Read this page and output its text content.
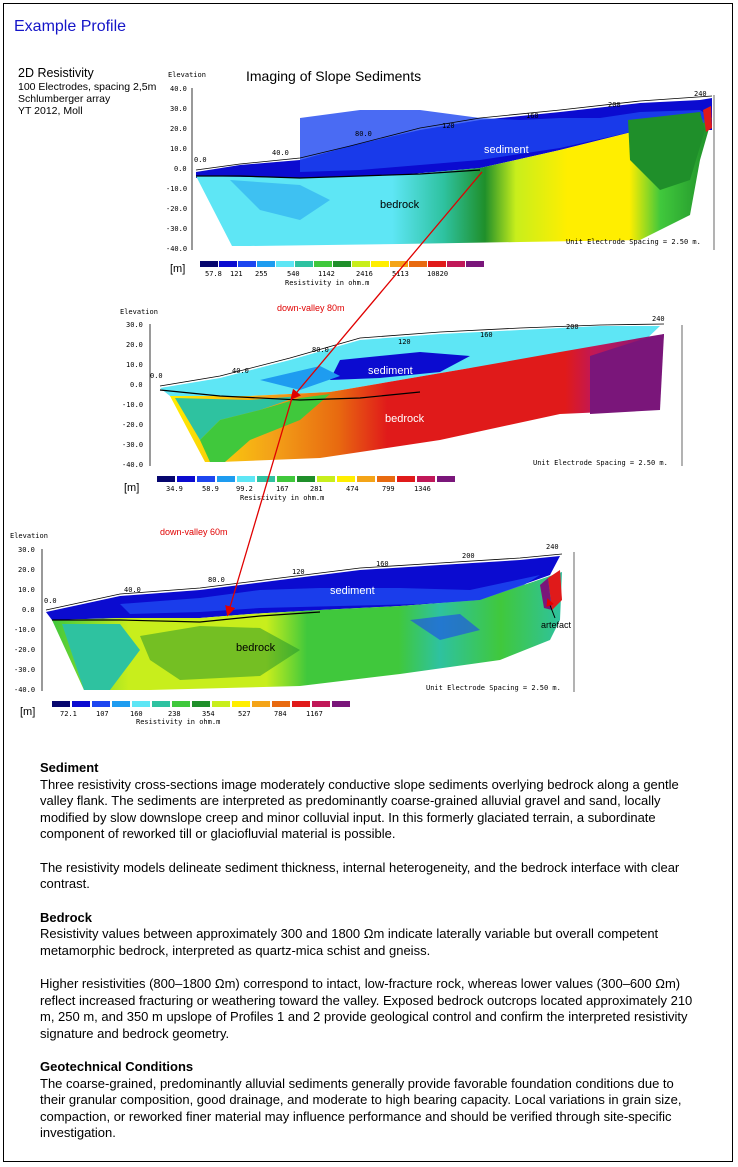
Example Profile
2D Resistivity
100 Electrodes, spacing 2,5m
Schlumberger array
YT 2012, Moll
Imaging of Slope Sediments
Elevation
40.0
30.0
20.0
10.0
0.0
-10.0
-20.0
-30.0
-40.0
0.0
40.0
80.0
120
160
200
240
sediment
bedrock
Unit Electrode Spacing = 2.50 m.
[m]	57.8 121 255	540	1142	2416	5113	10820
Resistivity in ohm.m
Elevation
30.0
20.0
10.0
0.0
-10.0
-20.0
-30.0
-40.0
0.0
40.0
80.0
120
160
200
240
sediment
bedrock
Unit Electrode Spacing = 2.50 m.
[m]	34.9	58.9 99.2	167	281	474	799	1346
Resistivity in ohm.m
Elevation
30.0
20.0
10.0
0.0
-10.0
-20.0
-30.0
-40.0
0.0
40.0
80.0
120
160
200
240
sediment
bedrock
artefact
Unit Electrode Spacing = 2.50 m.
[m]	72.1	107	160	238	354	527	784	1167
Resistivity in ohm.m
down-valley 80m
down-valley 60m
Sediment

Three resistivity cross-sections image moderately conductive slope sediments overlying bedrock along a gentle valley flank. The sediments are interpreted as predominantly coarse-grained alluvial gravel and sand, locally modified by slow downslope creep and minor colluvial input. In this formerly glaciated terrain, a subordinate component of reworked till or glaciofluvial material is possible.

The resistivity models delineate sediment thickness, internal heterogeneity, and the bedrock interface with clear contrast.

Bedrock

Resistivity values between approximately 300 and 1800 Ωm indicate laterally variable but overall competent metamorphic bedrock, interpreted as quartz-mica schist and gneiss.

Higher resistivities (800–1800 Ωm) correspond to intact, low-fracture rock, whereas lower values (300–600 Ωm) reflect increased fracturing or weathering toward the valley. Exposed bedrock outcrops located approximately 210 m, 250 m, and 350 m upslope of Profiles 1 and 2 provide geological control and confirm the interpreted resistivity signature and bedrock geometry.

Geotechnical Conditions

The coarse-grained, predominantly alluvial sediments generally provide favorable foundation conditions due to their granular composition, good drainage, and moderate to high bearing capacity. Local variations in grain size, compaction, or reworked finer material may influence performance and should be verified through site-specific investigation.
